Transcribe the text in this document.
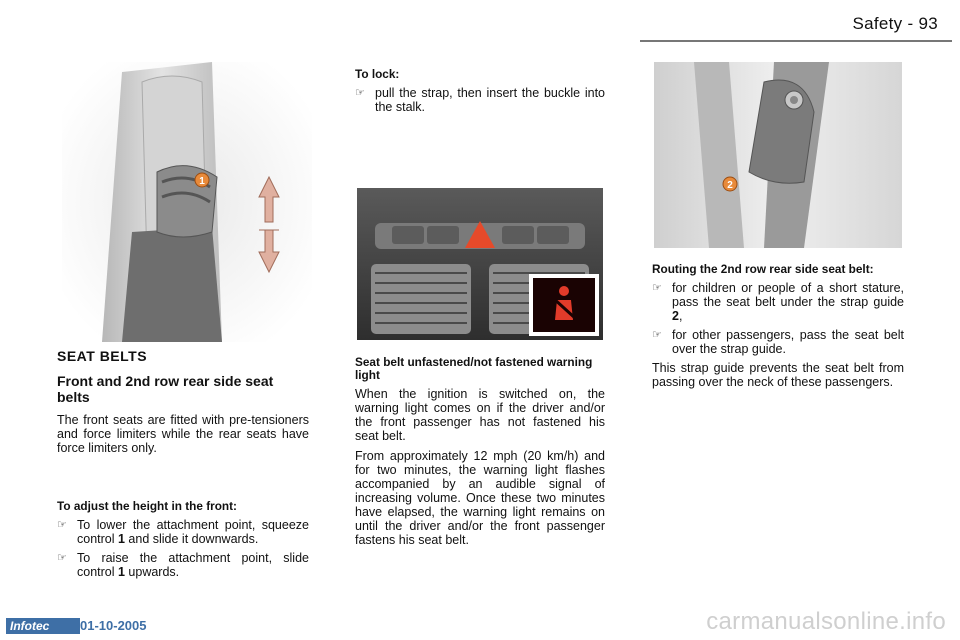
Safety - 93
1
SEAT BELTS
Front and 2nd row rear side seat belts

The front seats are fitted with pre-tensioners and force limiters while the rear seats have force limiters only.

To adjust the height in the front:
☞ To lower the attachment point, squeeze control 1 and slide it downwards.
☞ To raise the attachment point, slide control 1 upwards.
To lock:
☞ pull the strap, then insert the buckle into the stalk.
Seat belt unfastened/not fastened warning light

When the ignition is switched on, the warning light comes on if the driver and/or the front passenger has not fastened his seat belt.

From approximately 12 mph (20 km/h) and for two minutes, the warning light flashes accompanied by an audible signal of increasing volume. Once these two minutes have elapsed, the warning light remains on until the driver and/or the front passenger fastens his seat belt.

2
Routing the 2nd row rear side seat belt:
☞ for children or people of a short stature, pass the seat belt under the strap guide 2,
☞ for other passengers, pass the seat belt over the strap guide.

This strap guide prevents the seat belt from passing over the neck of these passengers.

Infotec	01-10-2005	carmanualsonline.info
